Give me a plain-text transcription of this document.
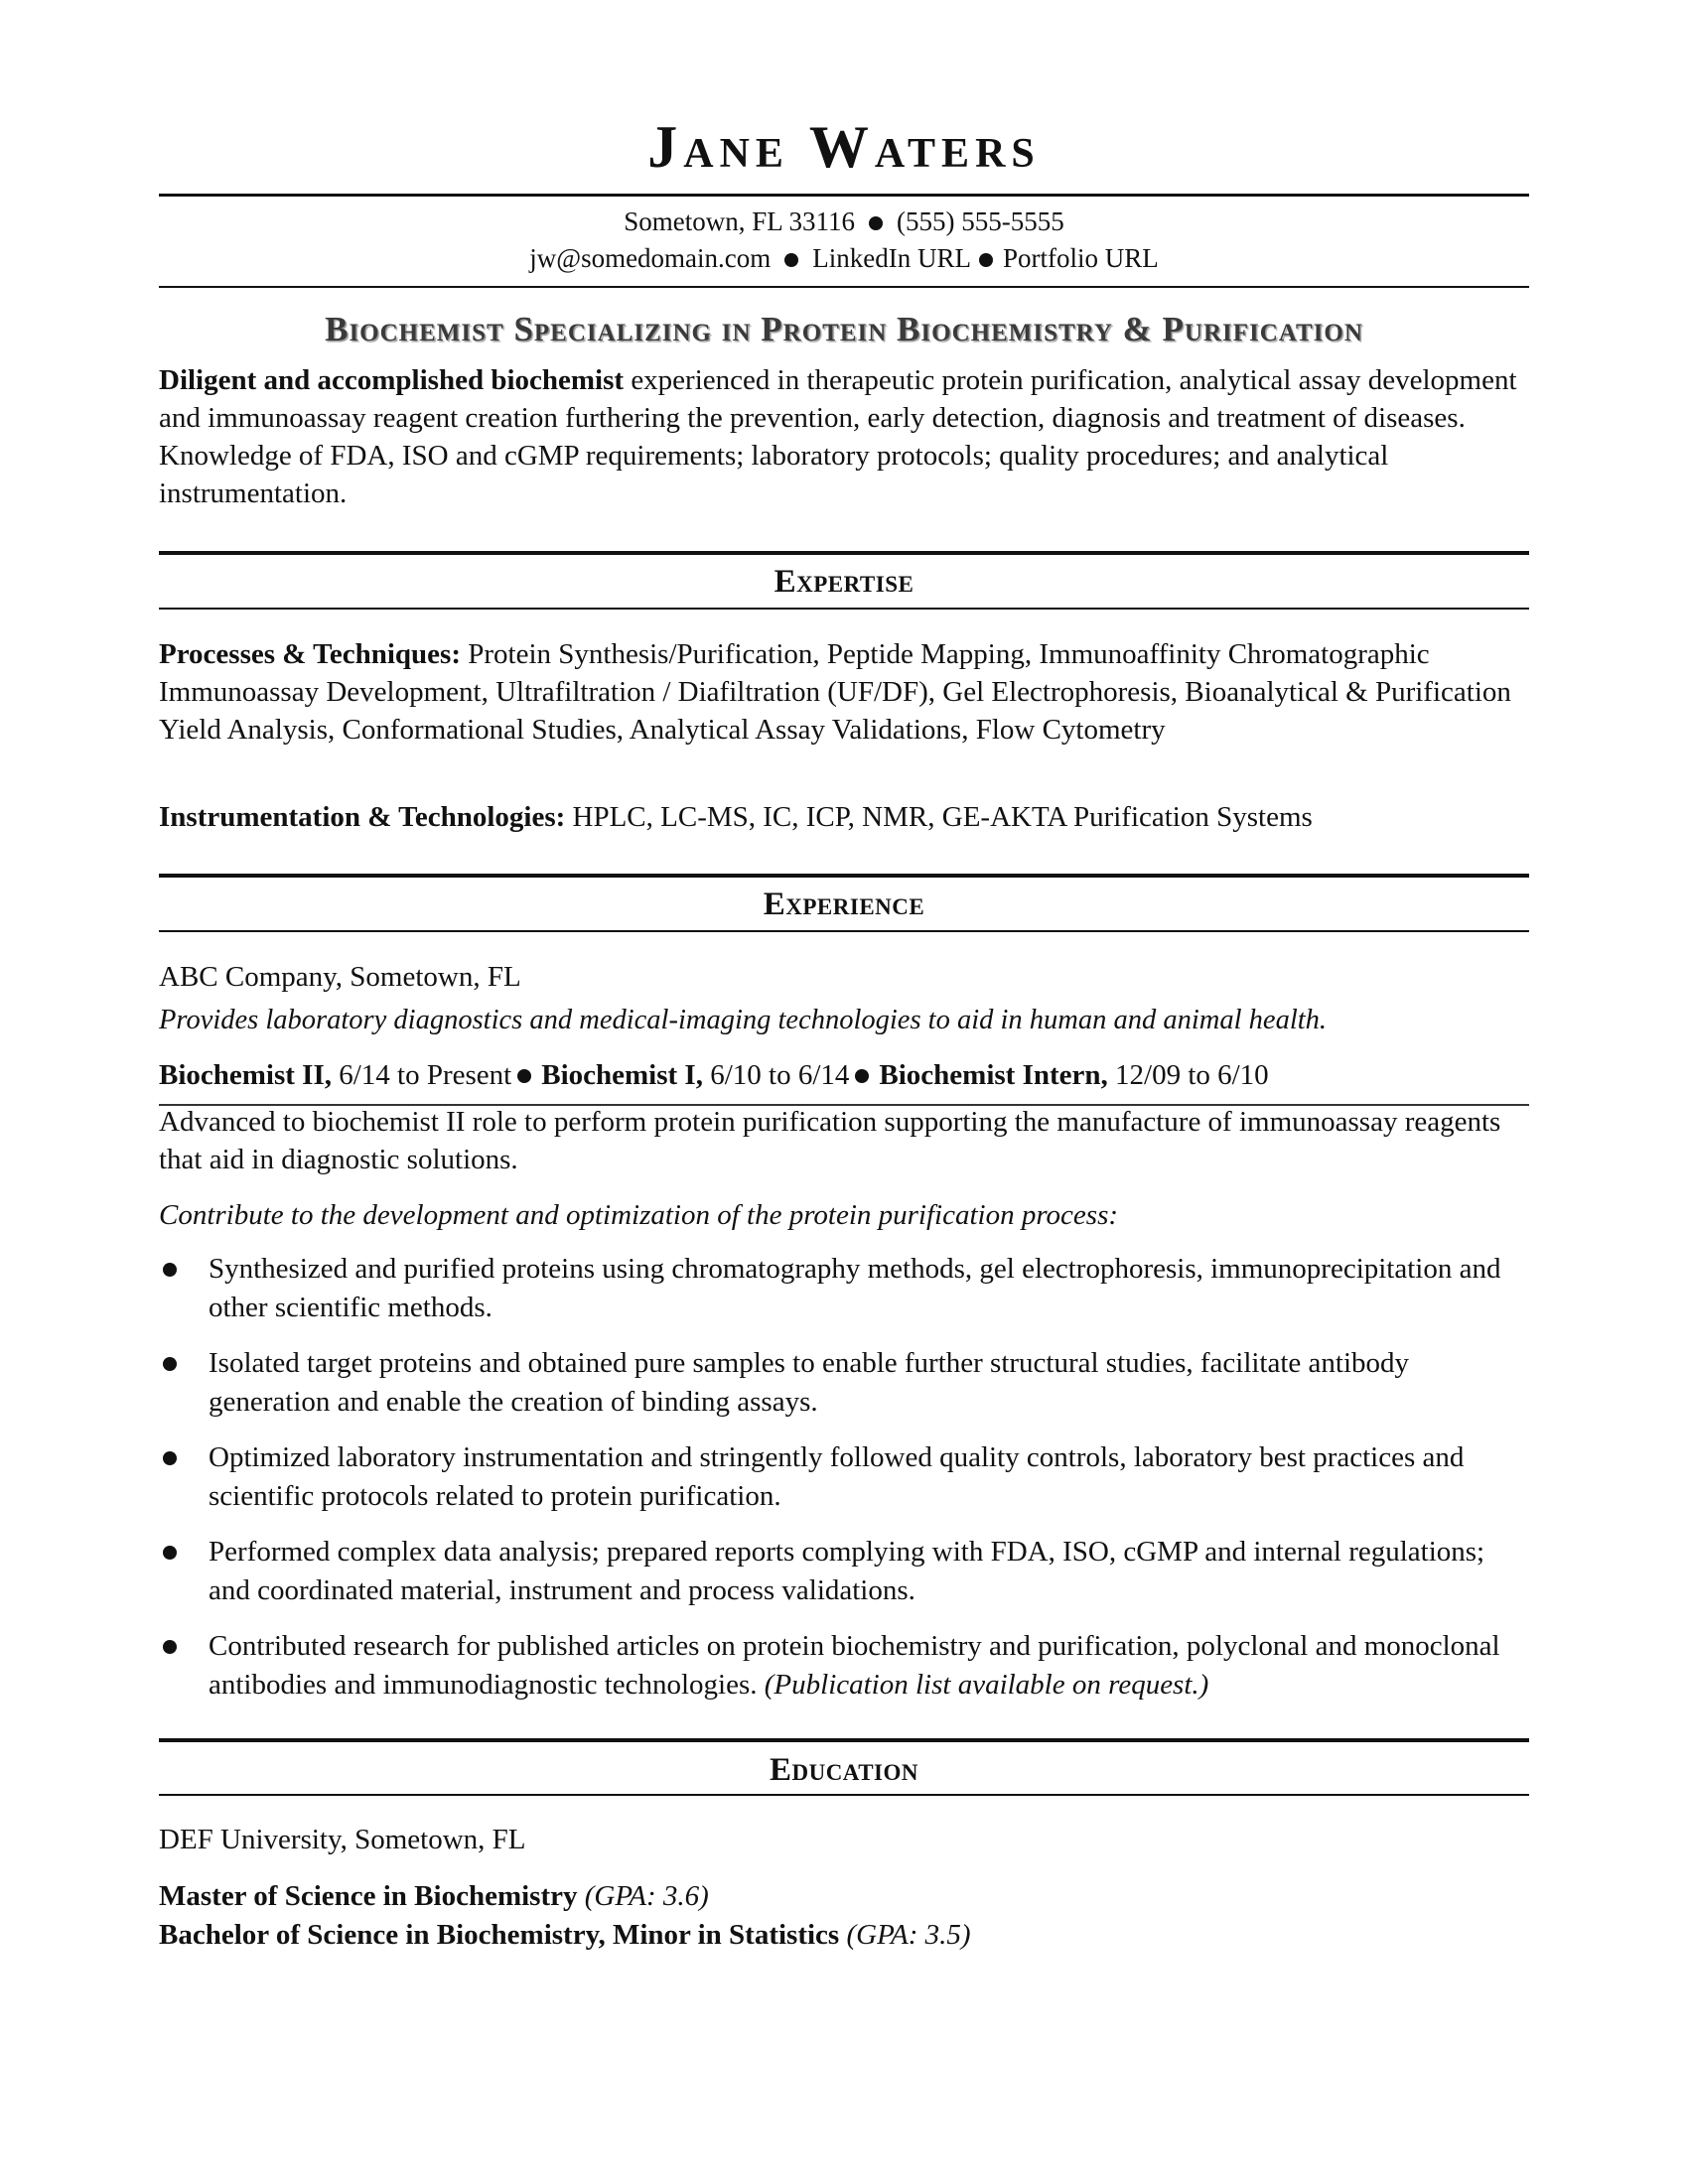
Jane Waters
Sometown, FL 33116 (555) 555-5555
jw@somedomain.com LinkedIn URL Portfolio URL
Biochemist Specializing in Protein Biochemistry & Purification
Diligent and accomplished biochemist experienced in therapeutic protein purification, analytical assay development and immunoassay reagent creation furthering the prevention, early detection, diagnosis and treatment of diseases. Knowledge of FDA, ISO and cGMP requirements; laboratory protocols; quality procedures; and analytical instrumentation.
Expertise
Processes & Techniques: Protein Synthesis/Purification, Peptide Mapping, Immunoaffinity Chromatographic Immunoassay Development, Ultrafiltration / Diafiltration (UF/DF), Gel Electrophoresis, Bioanalytical & Purification Yield Analysis, Conformational Studies, Analytical Assay Validations, Flow Cytometry
Instrumentation & Technologies: HPLC, LC-MS, IC, ICP, NMR, GE-AKTA Purification Systems
Experience
ABC Company, Sometown, FL
Provides laboratory diagnostics and medical-imaging technologies to aid in human and animal health.
Biochemist II, 6/14 to Present Biochemist I, 6/10 to 6/14 Biochemist Intern, 12/09 to 6/10
Advanced to biochemist II role to perform protein purification supporting the manufacture of immunoassay reagents that aid in diagnostic solutions.
Contribute to the development and optimization of the protein purification process:
Synthesized and purified proteins using chromatography methods, gel electrophoresis, immunoprecipitation and other scientific methods.
Isolated target proteins and obtained pure samples to enable further structural studies, facilitate antibody generation and enable the creation of binding assays.
Optimized laboratory instrumentation and stringently followed quality controls, laboratory best practices and scientific protocols related to protein purification.
Performed complex data analysis; prepared reports complying with FDA, ISO, cGMP and internal regulations; and coordinated material, instrument and process validations.
Contributed research for published articles on protein biochemistry and purification, polyclonal and monoclonal antibodies and immunodiagnostic technologies. (Publication list available on request.)
Education
DEF University, Sometown, FL
Master of Science in Biochemistry (GPA: 3.6)
Bachelor of Science in Biochemistry, Minor in Statistics (GPA: 3.5)
